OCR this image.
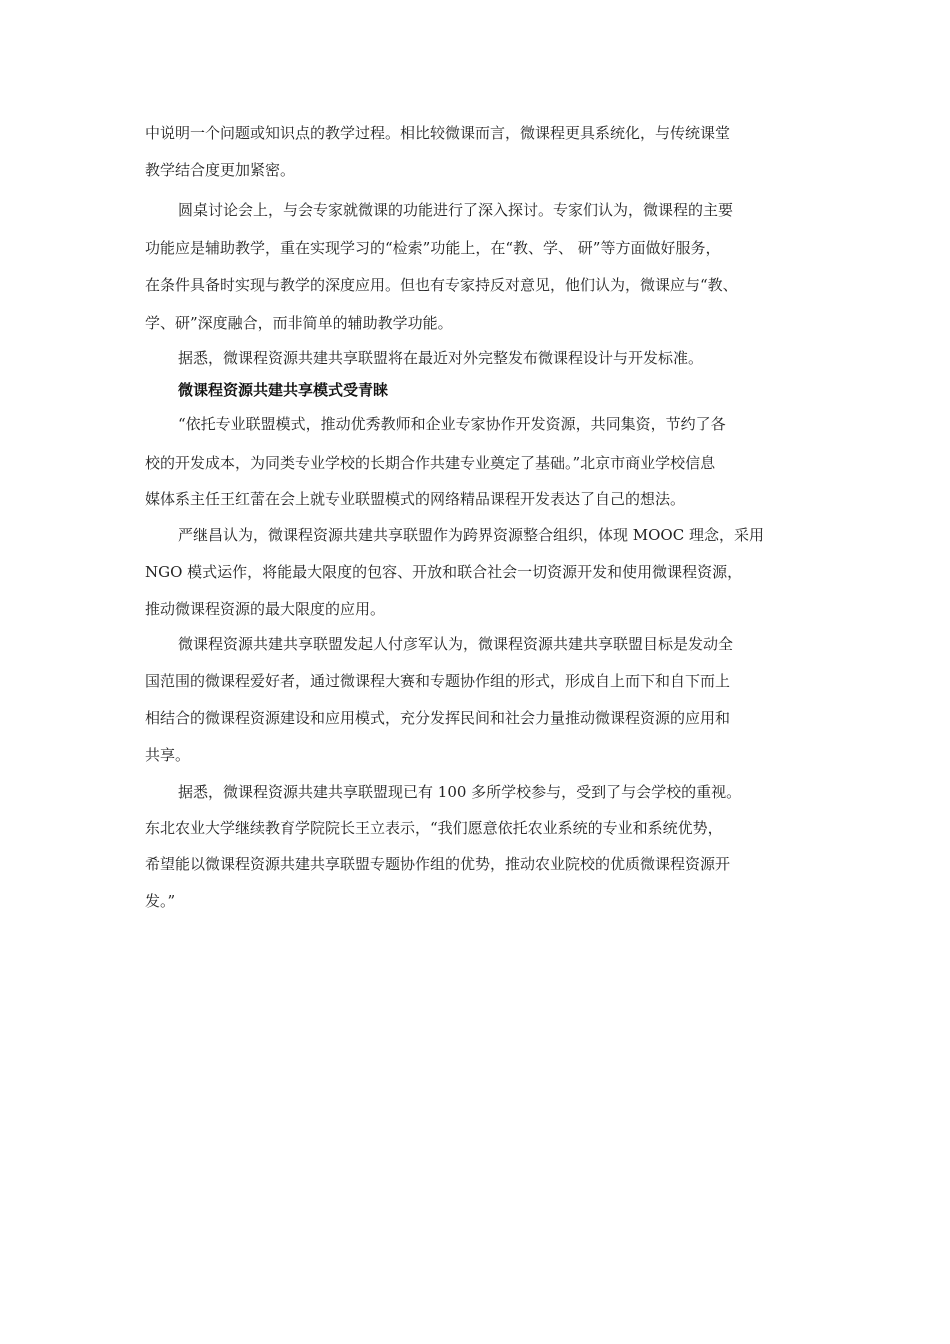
中说明一个问题或知识点的教学过程。相比较微课而言，微课程更具系统化，与传统课堂
教学结合度更加紧密。
圆桌讨论会上，与会专家就微课的功能进行了深入探讨。专家们认为，微课程的主要
功能应是辅助教学，重在实现学习的“检索”功能上，在“教、学、 研”等方面做好服务，
在条件具备时实现与教学的深度应用。但也有专家持反对意见，他们认为，微课应与“教、
学、研”深度融合，而非简单的辅助教学功能。
据悉，微课程资源共建共享联盟将在最近对外完整发布微课程设计与开发标准。
微课程资源共建共享模式受青睐
“依托专业联盟模式，推动优秀教师和企业专家协作开发资源，共同集资，节约了各
校的开发成本，为同类专业学校的长期合作共建专业奠定了基础。”北京市商业学校信息
媒体系主任王红蕾在会上就专业联盟模式的网络精品课程开发表达了自己的想法。
严继昌认为，微课程资源共建共享联盟作为跨界资源整合组织，体现 MOOC 理念，采用
NGO 模式运作，将能最大限度的包容、开放和联合社会一切资源开发和使用微课程资源，
推动微课程资源的最大限度的应用。
微课程资源共建共享联盟发起人付彦军认为，微课程资源共建共享联盟目标是发动全
国范围的微课程爱好者，通过微课程大赛和专题协作组的形式，形成自上而下和自下而上
相结合的微课程资源建设和应用模式，充分发挥民间和社会力量推动微课程资源的应用和
共享。
据悉，微课程资源共建共享联盟现已有 100 多所学校参与，受到了与会学校的重视。
东北农业大学继续教育学院院长王立表示，“我们愿意依托农业系统的专业和系统优势，
希望能以微课程资源共建共享联盟专题协作组的优势，推动农业院校的优质微课程资源开
发。”
